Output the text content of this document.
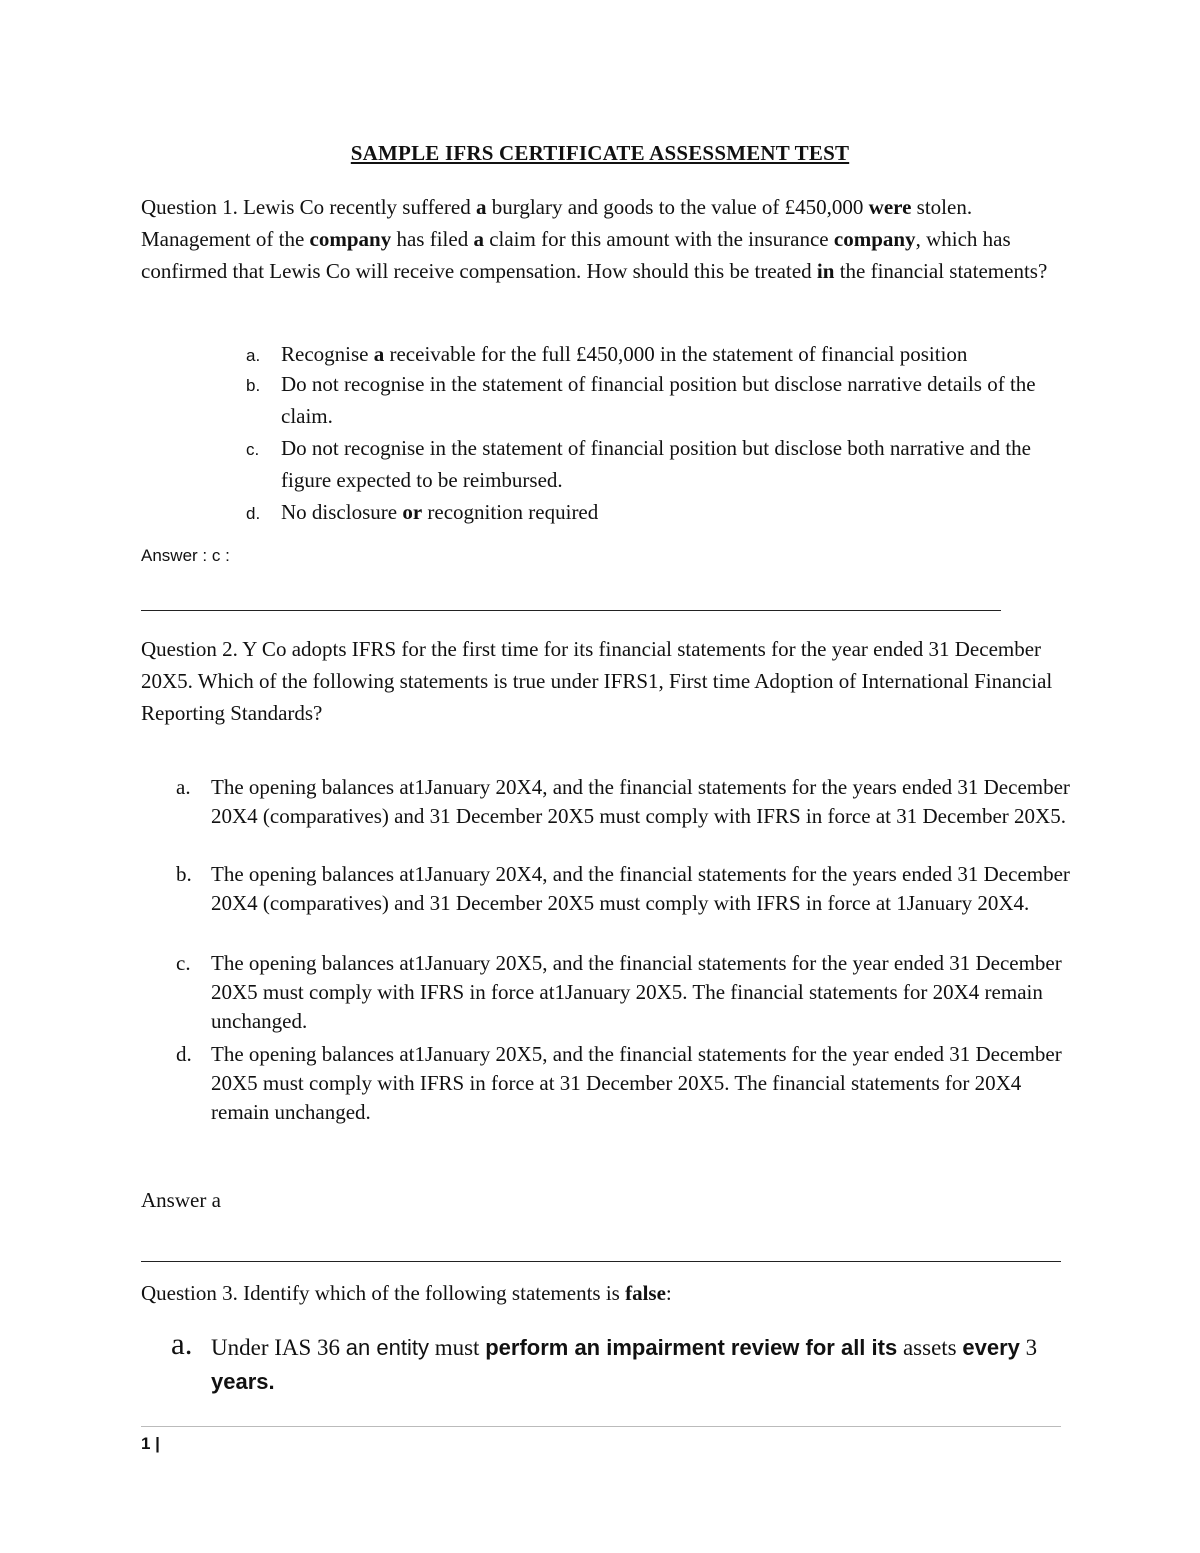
SAMPLE IFRS CERTIFICATE ASSESSMENT TEST
Question 1. Lewis Co recently suffered a burglary and goods to the value of £450,000 were stolen. Management of the company has filed a claim for this amount with the insurance company, which has confirmed that Lewis Co will receive compensation. How should this be treated in the financial statements?
a. Recognise a receivable for the full £450,000 in the statement of financial position
b. Do not recognise in the statement of financial position but disclose narrative details of the claim.
c. Do not recognise in the statement of financial position but disclose both narrative and the figure expected to be reimbursed.
d. No disclosure or recognition required
Answer : c :
Question 2. Y Co adopts IFRS for the first time for its financial statements for the year ended 31 December 20X5. Which of the following statements is true under IFRS1, First time Adoption of International Financial Reporting Standards?
a. The opening balances at1January 20X4, and the financial statements for the years ended 31 December 20X4 (comparatives) and 31 December 20X5 must comply with IFRS in force at 31 December 20X5.
b. The opening balances at1January 20X4, and the financial statements for the years ended 31 December 20X4 (comparatives) and 31 December 20X5 must comply with IFRS in force at 1January 20X4.
c. The opening balances at1January 20X5, and the financial statements for the year ended 31 December 20X5 must comply with IFRS in force at1January 20X5. The financial statements for 20X4 remain unchanged.
d. The opening balances at1January 20X5, and the financial statements for the year ended 31 December 20X5 must comply with IFRS in force at 31 December 20X5. The financial statements for 20X4 remain unchanged.
Answer a
Question 3. Identify which of the following statements is false:
a. Under IAS 36 an entity must perform an impairment review for all its assets every 3 years.
1 |
